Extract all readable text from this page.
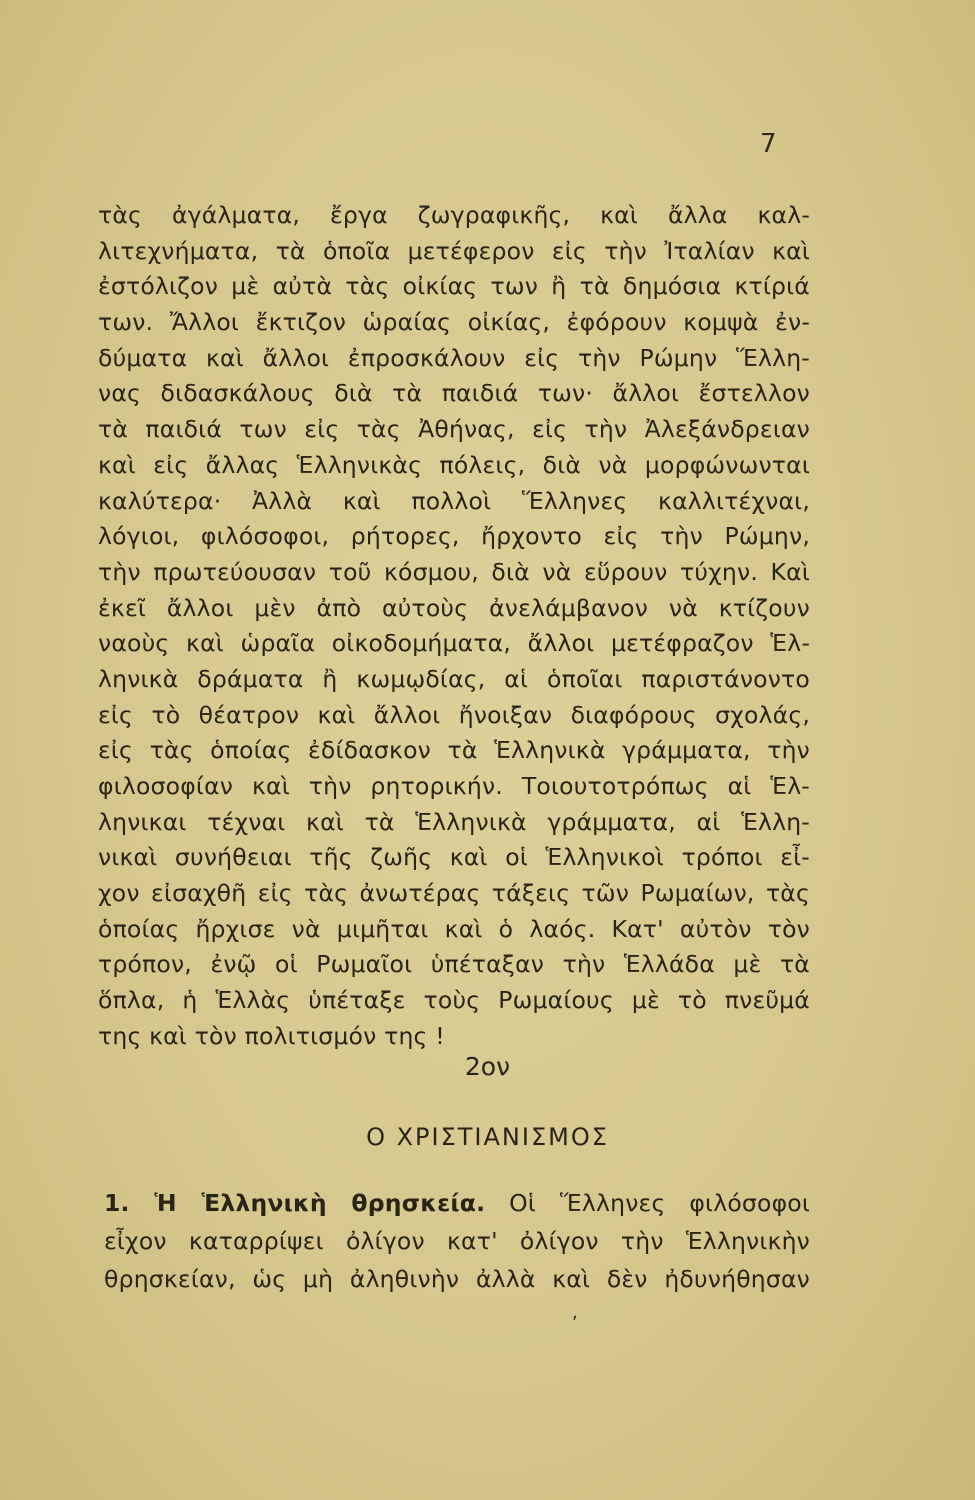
7
τὰς ἀγάλματα, ἔργα ζωγραφικῆς, καὶ ἄλλα καλ-
λιτεχνήματα, τὰ ὁποῖα μετέφερον εἰς τὴν Ἰταλίαν καὶ
ἐστόλιζον μὲ αὐτὰ τὰς οἰκίας των ἢ τὰ δημόσια κτίριά
των. Ἄλλοι ἔκτιζον ὡραίας οἰκίας, ἐφόρουν κομψὰ ἐν-
δύματα καὶ ἄλλοι ἐπροσκάλουν εἰς τὴν Ρώμην Ἕλλη-
νας διδασκάλους διὰ τὰ παιδιά των· ἄλλοι ἔστελλον
τὰ παιδιά των εἰς τὰς Ἀθήνας, εἰς τὴν Ἀλεξάνδρειαν
καὶ εἰς ἄλλας Ἑλληνικὰς πόλεις, διὰ νὰ μορφώνωνται
καλύτερα· Ἀλλὰ καὶ πολλοὶ Ἕλληνες καλλιτέχναι,
λόγιοι, φιλόσοφοι, ρήτορες, ἤρχοντο εἰς τὴν Ρώμην,
τὴν πρωτεύουσαν τοῦ κόσμου, διὰ νὰ εὕρουν τύχην. Καὶ
ἐκεῖ ἄλλοι μὲν ἀπὸ αὐτοὺς ἀνελάμβανον νὰ κτίζουν
ναοὺς καὶ ὡραῖα οἰκοδομήματα, ἄλλοι μετέφραζον Ἑλ-
ληνικὰ δράματα ἢ κωμῳδίας, αἱ ὁποῖαι παριστάνοντο
εἰς τὸ θέατρον καὶ ἄλλοι ἤνοιξαν διαφόρους σχολάς,
εἰς τὰς ὁποίας ἐδίδασκον τὰ Ἑλληνικὰ γράμματα, τὴν
φιλοσοφίαν καὶ τὴν ρητορικήν. Τοιουτοτρόπως αἱ Ἑλ-
ληνικαι τέχναι καὶ τὰ Ἑλληνικὰ γράμματα, αἱ Ἑλλη-
νικαὶ συνήθειαι τῆς ζωῆς καὶ οἱ Ἑλληνικοὶ τρόποι εἶ-
χον εἰσαχθῆ εἰς τὰς ἀνωτέρας τάξεις τῶν Ρωμαίων, τὰς
ὁποίας ἤρχισε νὰ μιμῆται καὶ ὁ λαός. Κατ' αὐτὸν τὸν
τρόπον, ἐνῷ οἱ Ρωμαῖοι ὑπέταξαν τὴν Ἑλλάδα μὲ τὰ
ὅπλα, ἡ Ἑλλὰς ὑπέταξε τοὺς Ρωμαίους μὲ τὸ πνεῦμά
της καὶ τὸν πολιτισμόν της !
2ον
Ο ΧΡΙΣΤΙΑΝΙΣΜΟΣ
1. Ἡ Ἑλληνικὴ θρησκεία. Οἱ Ἕλληνες φιλόσοφοι
εἶχον καταρρίψει ὀλίγον κατ' ὀλίγον τὴν Ἑλληνικὴν
θρησκείαν, ὡς μὴ ἀληθινὴν ἀλλὰ καὶ δὲν ἠδυνήθησαν
,
